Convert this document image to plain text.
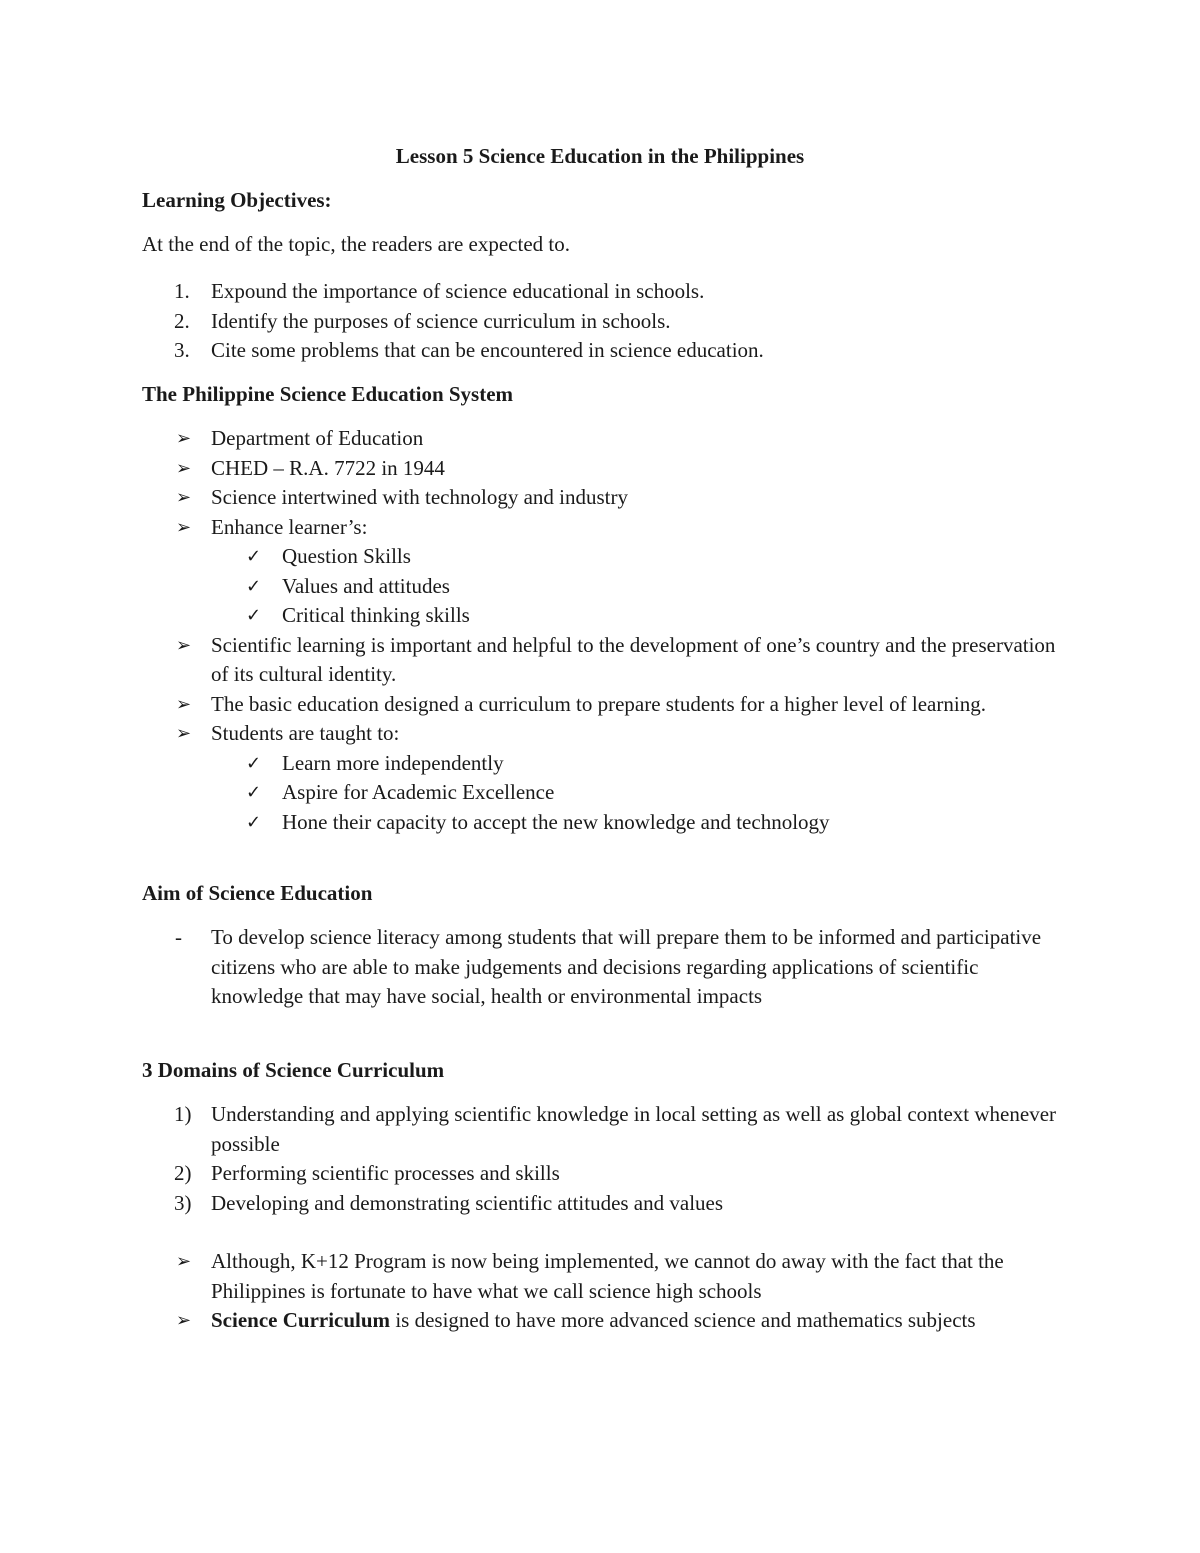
Lesson 5 Science Education in the Philippines
Learning Objectives:
At the end of the topic, the readers are expected to.
1. Expound the importance of science educational in schools.
2. Identify the purposes of science curriculum in schools.
3. Cite some problems that can be encountered in science education.
The Philippine Science Education System
➢ Department of Education
➢ CHED – R.A. 7722 in 1944
➢ Science intertwined with technology and industry
➢ Enhance learner’s:
✓ Question Skills
✓ Values and attitudes
✓ Critical thinking skills
➢ Scientific learning is important and helpful to the development of one’s country and the preservation of its cultural identity.
➢ The basic education designed a curriculum to prepare students for a higher level of learning.
➢ Students are taught to:
✓ Learn more independently
✓ Aspire for Academic Excellence
✓ Hone their capacity to accept the new knowledge and technology
Aim of Science Education
- To develop science literacy among students that will prepare them to be informed and participative citizens who are able to make judgements and decisions regarding applications of scientific knowledge that may have social, health or environmental impacts
3 Domains of Science Curriculum
1) Understanding and applying scientific knowledge in local setting as well as global context whenever possible
2) Performing scientific processes and skills
3) Developing and demonstrating scientific attitudes and values
➢ Although, K+12 Program is now being implemented, we cannot do away with the fact that the Philippines is fortunate to have what we call science high schools
➢ Science Curriculum is designed to have more advanced science and mathematics subjects
